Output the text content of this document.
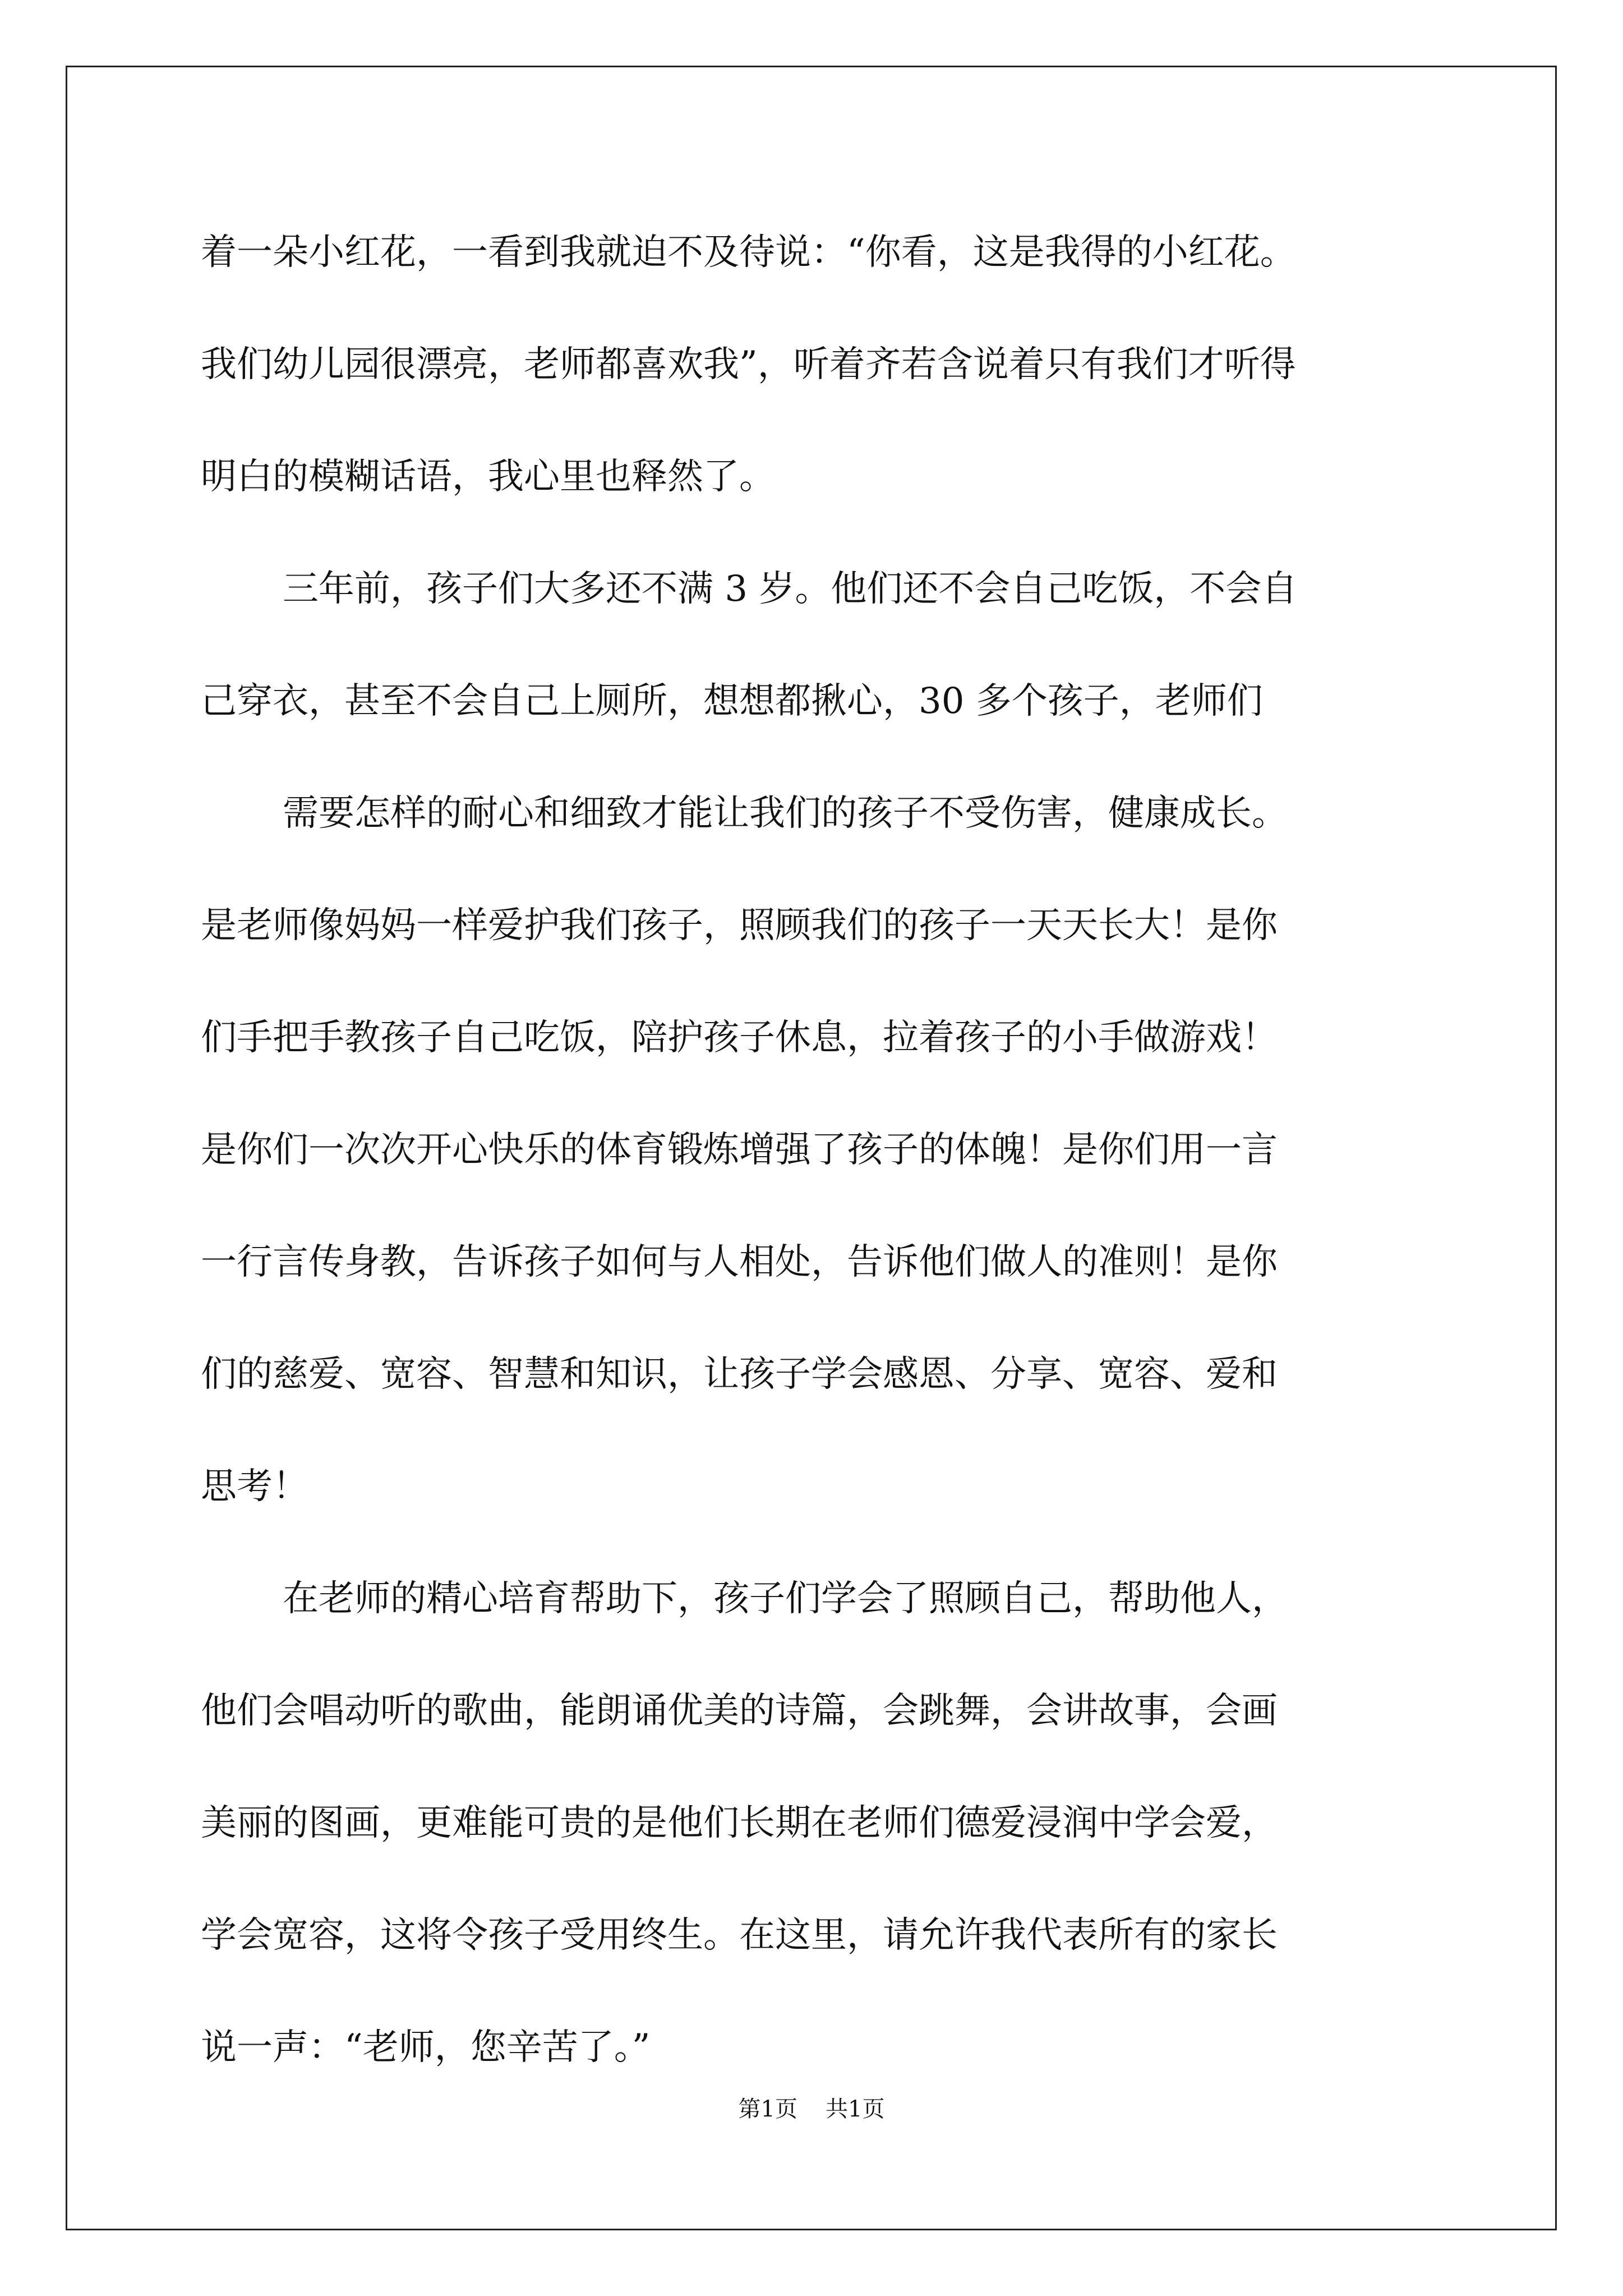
着一朵小红花，一看到我就迫不及待说：“你看，这是我得的小红花。
我们幼儿园很漂亮，老师都喜欢我”，听着齐若含说着只有我们才听得
明白的模糊话语，我心里也释然了。
三年前，孩子们大多还不满 3 岁。他们还不会自己吃饭，不会自
己穿衣，甚至不会自己上厕所，想想都揪心，30 多个孩子，老师们
需要怎样的耐心和细致才能让我们的孩子不受伤害，健康成长。
是老师像妈妈一样爱护我们孩子，照顾我们的孩子一天天长大！是你
们手把手教孩子自己吃饭，陪护孩子休息，拉着孩子的小手做游戏！
是你们一次次开心快乐的体育锻炼增强了孩子的体魄！是你们用一言
一行言传身教，告诉孩子如何与人相处，告诉他们做人的准则！是你
们的慈爱、宽容、智慧和知识，让孩子学会感恩、分享、宽容、爱和
思考！
在老师的精心培育帮助下，孩子们学会了照顾自己，帮助他人，
他们会唱动听的歌曲，能朗诵优美的诗篇，会跳舞，会讲故事，会画
美丽的图画，更难能可贵的是他们长期在老师们德爱浸润中学会爱，
学会宽容，这将令孩子受用终生。在这里，请允许我代表所有的家长
说一声：“老师，您辛苦了。”
第1页 共1页
